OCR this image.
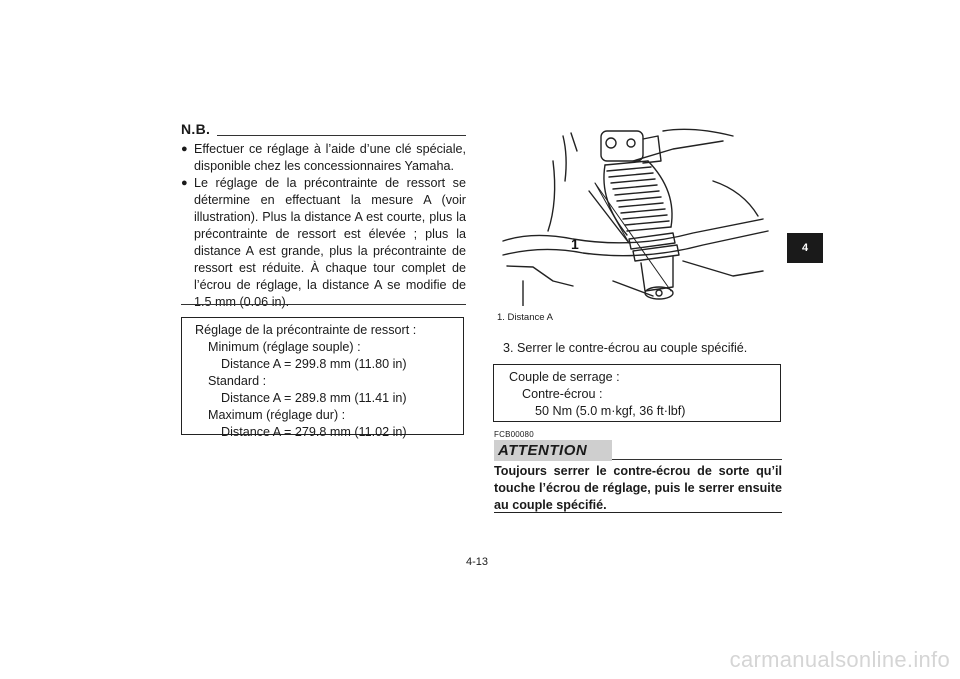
N.B.
● Effectuer ce réglage à l’aide d’une clé spéciale, disponible chez les concessionnaires Yamaha.
● Le réglage de la précontrainte de ressort se détermine en effectuant la mesure A (voir illustration). Plus la distance A est courte, plus la précontrainte de ressort est élevée ; plus la distance A est grande, plus la précontrainte de ressort est réduite. À chaque tour complet de l’écrou de réglage, la distance A se modifie de 1.5 mm (0.06 in).
Réglage de la précontrainte de ressort :
Minimum (réglage souple) :
Distance A = 299.8 mm (11.80 in)
Standard :
Distance A = 289.8 mm (11.41 in)
Maximum (réglage dur) :
Distance A = 279.8 mm (11.02 in)
1
1. Distance A
3. Serrer le contre-écrou au couple spécifié.
Couple de serrage :
Contre-écrou :
50 Nm (5.0 m·kgf, 36 ft·lbf)
FCB00080
ATTENTION
Toujours serrer le contre-écrou de sorte qu’il touche l’écrou de réglage, puis le serrer ensuite au couple spécifié.
4-13
4
carmanualsonline.info
